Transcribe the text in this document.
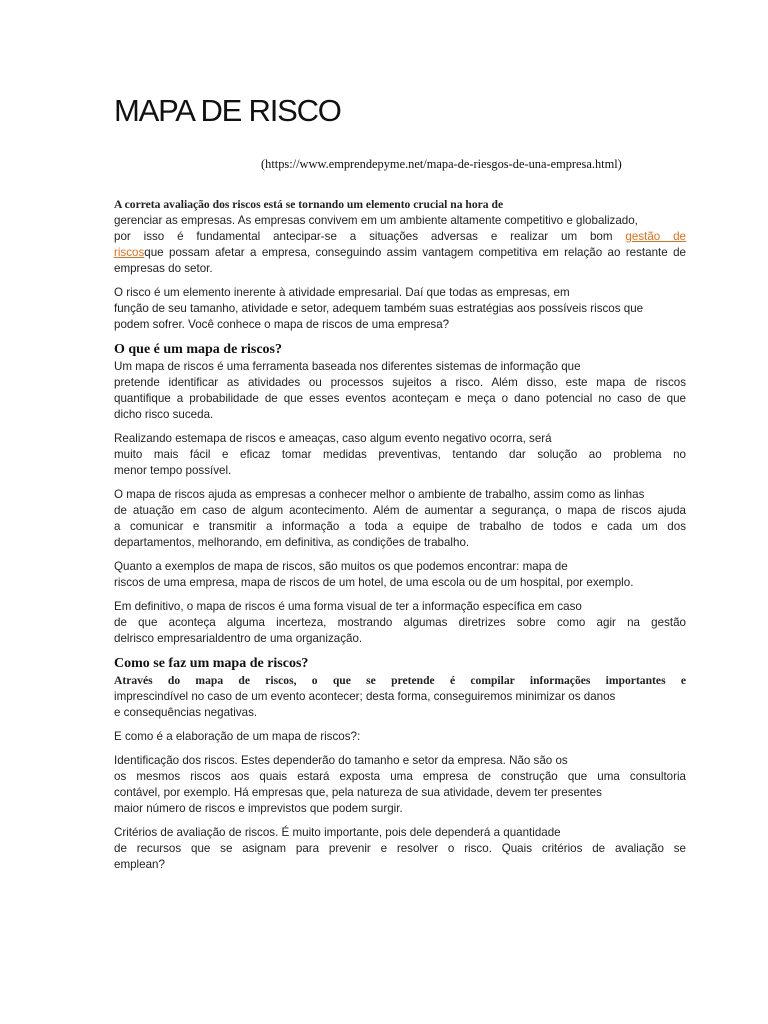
MAPA DE RISCO
(https://www.emprendepyme.net/mapa-de-riesgos-de-una-empresa.html)

A correta avaliação dos riscos está se tornando um elemento crucial na hora de
gerenciar as empresas. As empresas convivem em um ambiente altamente competitivo e globalizado,
por isso é fundamental antecipar-se a situações adversas e realizar um bom gestão de
riscosque possam afetar a empresa, conseguindo assim vantagem competitiva em relação ao restante de
empresas do setor.

O risco é um elemento inerente à atividade empresarial. Daí que todas as empresas, em
função de seu tamanho, atividade e setor, adequem também suas estratégias aos possíveis riscos que
podem sofrer. Você conhece o mapa de riscos de uma empresa?

O que é um mapa de riscos?

Um mapa de riscos é uma ferramenta baseada nos diferentes sistemas de informação que
pretende identificar as atividades ou processos sujeitos a risco. Além disso, este mapa de riscos
quantifique a probabilidade de que esses eventos aconteçam e meça o dano potencial no caso de que
dicho risco suceda.

Realizando estemapa de riscos e ameaças, caso algum evento negativo ocorra, será
muito mais fácil e eficaz tomar medidas preventivas, tentando dar solução ao problema no
menor tempo possível.

O mapa de riscos ajuda as empresas a conhecer melhor o ambiente de trabalho, assim como as linhas
de atuação em caso de algum acontecimento. Além de aumentar a segurança, o mapa de riscos ajuda
a comunicar e transmitir a informação a toda a equipe de trabalho de todos e cada um dos
departamentos, melhorando, em definitiva, as condições de trabalho.

Quanto a exemplos de mapa de riscos, são muitos os que podemos encontrar: mapa de
riscos de uma empresa, mapa de riscos de um hotel, de uma escola ou de um hospital, por exemplo.

Em definitivo, o mapa de riscos é uma forma visual de ter a informação específica em caso
de que aconteça alguma incerteza, mostrando algumas diretrizes sobre como agir na gestão
delrisco empresarialdentro de uma organização.

Como se faz um mapa de riscos?

Através do mapa de riscos, o que se pretende é compilar informações importantes e
imprescindível no caso de um evento acontecer; desta forma, conseguiremos minimizar os danos
e consequências negativas.

E como é a elaboração de um mapa de riscos?:

Identificação dos riscos. Estes dependerão do tamanho e setor da empresa. Não são os
os mesmos riscos aos quais estará exposta uma empresa de construção que uma consultoria
contável, por exemplo. Há empresas que, pela natureza de sua atividade, devem ter presentes
maior número de riscos e imprevistos que podem surgir.

Critérios de avaliação de riscos. É muito importante, pois dele dependerá a quantidade
de recursos que se asignam para prevenir e resolver o risco. Quais critérios de avaliação se
emplean?
